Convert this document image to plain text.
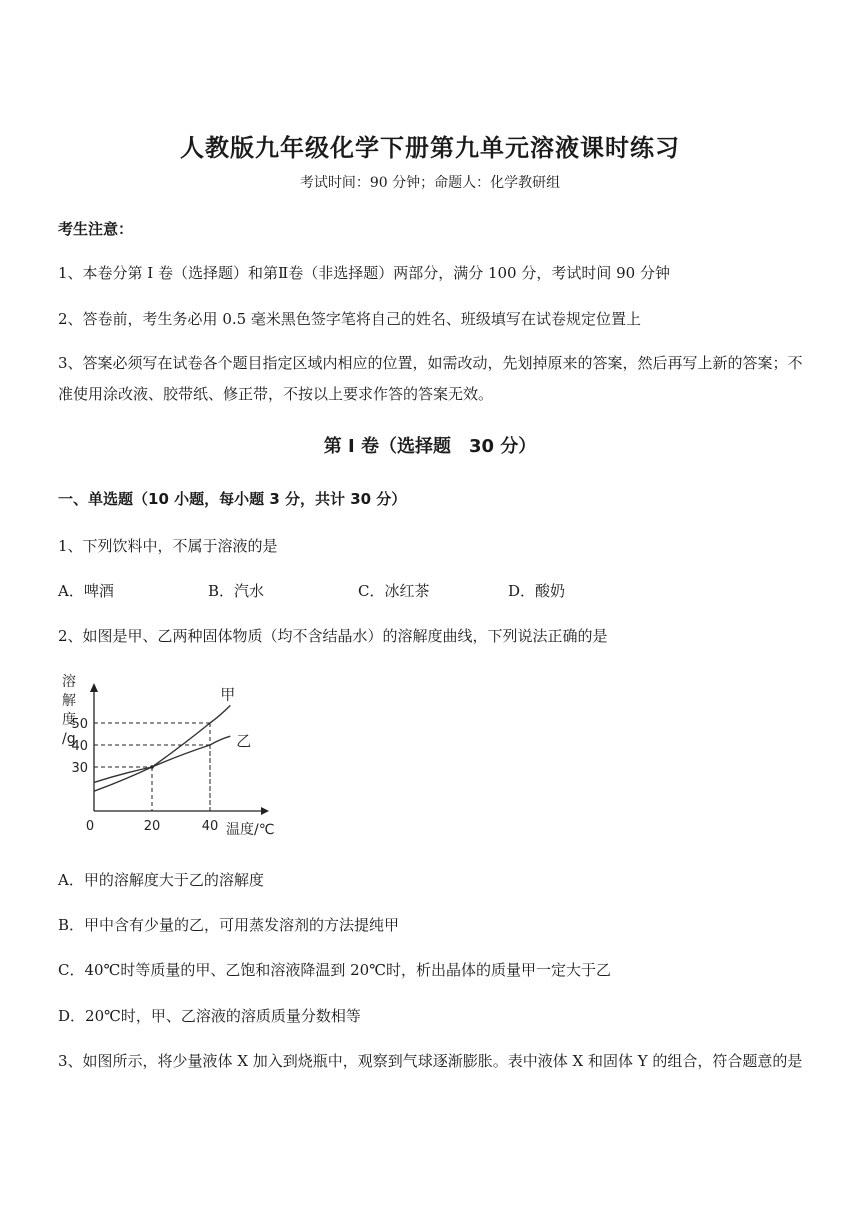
人教版九年级化学下册第九单元溶液课时练习
考试时间：90 分钟；命题人：化学教研组
考生注意：
1、本卷分第 I 卷（选择题）和第Ⅱ卷（非选择题）两部分，满分 100 分，考试时间 90 分钟
2、答卷前，考生务必用 0.5 毫米黑色签字笔将自己的姓名、班级填写在试卷规定位置上
3、答案必须写在试卷各个题目指定区域内相应的位置，如需改动，先划掉原来的答案，然后再写上新的答案；不准使用涂改液、胶带纸、修正带，不按以上要求作答的答案无效。
第 I 卷（选择题　30 分）
一、单选题（10 小题，每小题 3 分，共计 30 分）
1、下列饮料中，不属于溶液的是
A．啤酒	B．汽水	C．冰红茶	D．酸奶
2、如图是甲、乙两种固体物质（均不含结晶水）的溶解度曲线，下列说法正确的是
溶
解
度
/g
温度/℃
0	20	40
30
40
50
甲
乙
A．甲的溶解度大于乙的溶解度
B．甲中含有少量的乙，可用蒸发溶剂的方法提纯甲
C．40℃时等质量的甲、乙饱和溶液降温到 20℃时，析出晶体的质量甲一定大于乙
D．20℃时，甲、乙溶液的溶质质量分数相等
3、如图所示，将少量液体 X 加入到烧瓶中，观察到气球逐渐膨胀。表中液体 X 和固体 Y 的组合，符合题意的是
